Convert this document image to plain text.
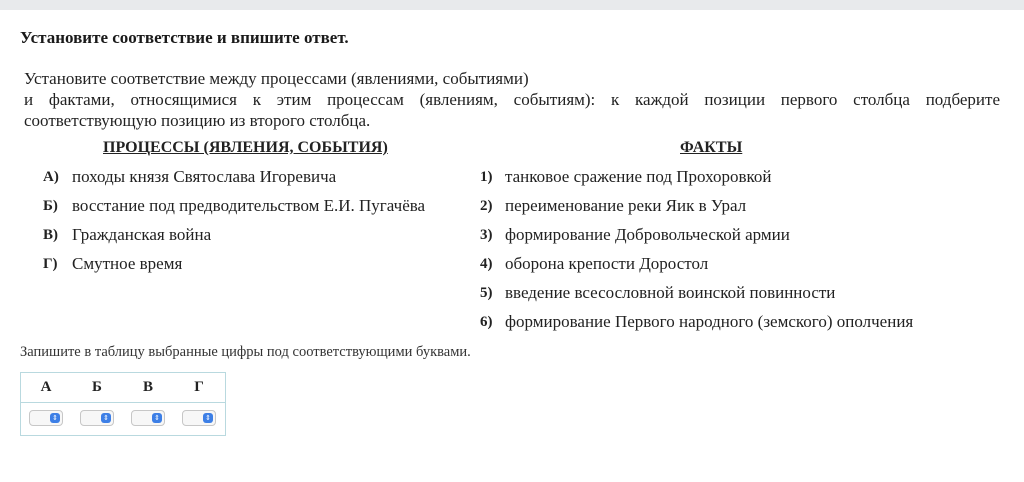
Установите соответствие и впишите ответ.
Установите соответствие между процессами (явлениями, событиями)
и фактами, относящимися к этим процессам (явлениям, событиям): к каждой позиции первого столбца подберите
соответствующую позицию из второго столбца.
ПРОЦЕССЫ (ЯВЛЕНИЯ, СОБЫТИЯ)	ФАКТЫ
А) походы князя Святослава Игоревича
Б) восстание под предводительством Е.И. Пугачёва
В) Гражданская война
Г) Смутное время
1) танковое сражение под Прохоровкой
2) переименование реки Яик в Урал
3) формирование Добровольческой армии
4) оборона крепости Доростол
5) введение всесословной воинской повинности
6) формирование Первого народного (земского) ополчения
Запишите в таблицу выбранные цифры под соответствующими буквами.
А	Б	В	Г
⇕	⇕	⇕	⇕
